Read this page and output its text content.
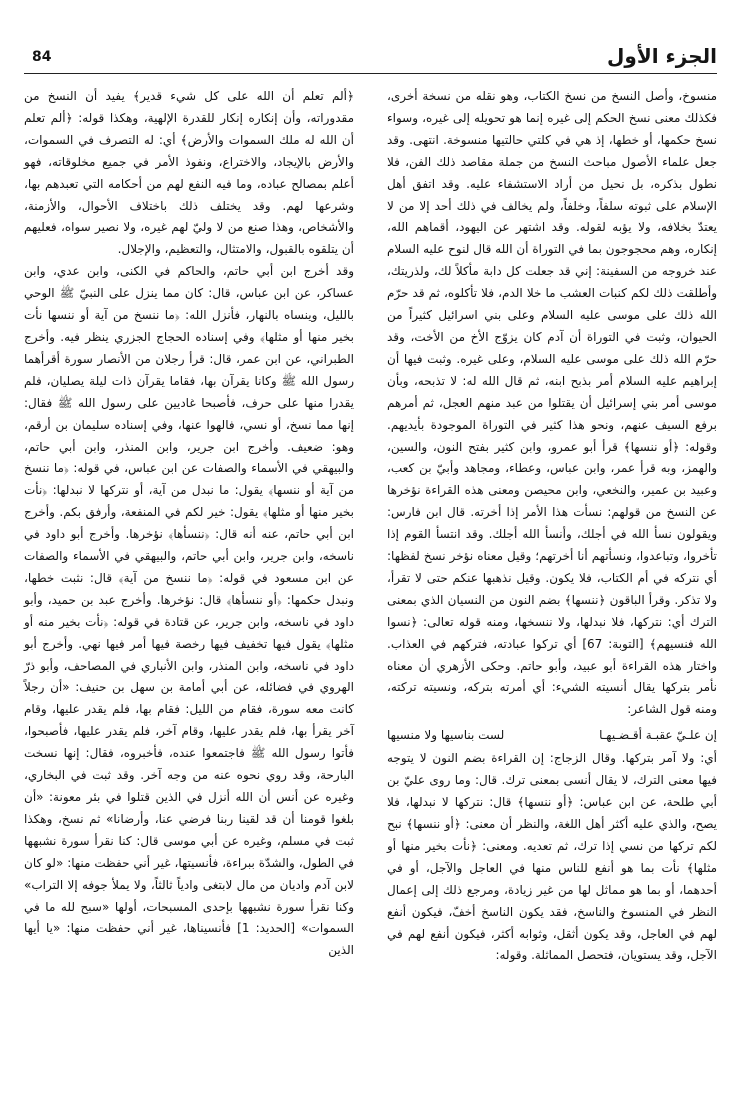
الجزء الأول
84

منسوخ، وأصل النسخ من نسخ الكتاب، وهو نقله من نسخة أخرى، فكذلك معنى نسخ الحكم إلى غيره إنما هو تحويله إلى غيره، وسواء نسخ حكمها، أو خطها، إذ هي في كلتي حالتيها منسوخة. انتهى. وقد جعل علماء الأصول مباحث النسخ من جملة مقاصد ذلك الفن، فلا نطول بذكره، بل نحيل من أراد الاستشفاء عليه. وقد اتفق أهل الإسلام على ثبوته سلفاً، وخلفاً، ولم يخالف في ذلك أحد إلا من لا يعتدّ بخلافه، ولا يؤبه لقوله. وقد اشتهر عن اليهود، أقماهم الله، إنكاره، وهم محجوجون بما في التوراة أن الله قال لنوح عليه السلام عند خروجه من السفينة: إني قد جعلت كل دابة مأكلاً لك، ولذريتك، وأطلقت ذلك لكم كنبات العشب ما خلا الدم، فلا تأكلوه، ثم قد حرّم الله ذلك على موسى عليه السلام وعلى بني اسرائيل كثيراً من الحيوان، وثبت في التوراة أن آدم كان يزوّج الأخ من الأخت، وقد حرّم الله ذلك على موسى عليه السلام، وعلى غيره. وثبت فيها أن إبراهيم عليه السلام أمر بذبح ابنه، ثم قال الله له: لا تذبحه، وبأن موسى أمر بني إسرائيل أن يقتلوا من عبد منهم العجل، ثم أمرهم برفع السيف عنهم، ونحو هذا كثير في التوراة الموجودة بأيديهم. وقوله: ﴿أو ننسها﴾ قرأ أبو عمرو، وابن كثير بفتح النون، والسين، والهمز، وبه قرأ عمر، وابن عباس، وعطاء، ومجاهد وأبيّ بن كعب، وعبيد بن عمير، والنخعي، وابن محيصن ومعنى هذه القراءة نؤخرها عن النسخ من قولهم: نسأت هذا الأمر إذا أخرته. قال ابن فارس: ويقولون نسأ الله في أجلك، وأنسأ الله أجلك. وقد انتسأ القوم إذا تأخروا، وتباعدوا، ونسأتهم أنا أخرتهم؛ وقيل معناه نؤخر نسخ لفظها: أي نتركه في أم الكتاب، فلا يكون. وقيل نذهبها عنكم حتى لا تقرأ، ولا تذكر. وقرأ الباقون ﴿ننسها﴾ بضم النون من النسيان الذي بمعنى الترك أي: نتركها، فلا نبدلها، ولا ننسخها، ومنه قوله تعالى: ﴿نسوا الله فنسيهم﴾ [التوبة: 67] أي تركوا عبادته، فتركهم في العذاب. واختار هذه القراءة أبو عبيد، وأبو حاتم. وحكى الأزهري أن معناه نأمر بتركها يقال أنسيته الشيء: أي أمرته بتركه، ونسيته تركته، ومنه قول الشاعر:

إن علـيّ عقبـة أقـضـيهـا
لست بناسيها ولا منسيها

أي: ولا آمر بتركها. وقال الزجاج: إن القراءة بضم النون لا يتوجه فيها معنى الترك، لا يقال أنسى بمعنى ترك. قال: وما روى عليّ بن أبي طلحة، عن ابن عباس: ﴿أو ننسها﴾ قال: نتركها لا نبدلها، فلا يصح، والذي عليه أكثر أهل اللغة، والنظر أن معنى: ﴿أو ننسها﴾ نبح لكم تركها من نسي إذا ترك، ثم تعديه. ومعنى: ﴿نأت بخير منها أو مثلها﴾ نأت بما هو أنفع للناس منها في العاجل والآجل، أو في أحدهما، أو بما هو مماثل لها من غير زيادة، ومرجع ذلك إلى إعمال النظر في المنسوخ والناسخ، فقد يكون الناسخ أخفّ، فيكون أنفع لهم في العاجل، وقد يكون أثقل، وثوابه أكثر، فيكون أنفع لهم في الآجل، وقد يستويان، فتحصل المماثلة. وقوله:

﴿ألم تعلم أن الله على كل شيء قدير﴾ يفيد أن النسخ من مقدوراته، وأن إنكاره إنكار للقدرة الإلهية، وهكذا قوله: ﴿ألم تعلم أن الله له ملك السموات والأرض﴾ أي: له التصرف في السموات، والأرض بالإيجاد، والاختراع، ونفوذ الأمر في جميع مخلوقاته، فهو أعلم بمصالح عباده، وما فيه النفع لهم من أحكامه التي تعبدهم بها، وشرعها لهم. وقد يختلف ذلك باختلاف الأحوال، والأزمنة، والأشخاص، وهذا صنع من لا وليّ لهم غيره، ولا نصير سواه، فعليهم أن يتلقوه بالقبول، والامتثال، والتعظيم، والإجلال.

وقد أخرج ابن أبي حاتم، والحاكم في الكنى، وابن عدي، وابن عساكر، عن ابن عباس، قال: كان مما ينزل على النبيّ ﷺ الوحي بالليل، وينساه بالنهار، فأنزل الله: ﴿ما ننسخ من آية أو ننسها نأت بخير منها أو مثلها﴾ وفي إسناده الحجاج الجزري ينظر فيه. وأخرج الطبراني، عن ابن عمر، قال: قرأ رجلان من الأنصار سورة أقرأهما رسول الله ﷺ وكانا يقرآن بها، فقاما يقرآن ذات ليلة يصليان، فلم يقدرا منها على حرف، فأصبحا غاديين على رسول الله ﷺ فقال: إنها مما نسخ، أو نسي، فالهوا عنها، وفي إسناده سليمان بن أرقم، وهو: ضعيف. وأخرج ابن جرير، وابن المنذر، وابن أبي حاتم، والبيهقي في الأسماء والصفات عن ابن عباس، في قوله: ﴿ما ننسخ من آية أو ننسها﴾ يقول: ما نبدل من آية، أو نتركها لا نبدلها: ﴿نأت بخير منها أو مثلها﴾ يقول: خير لكم في المنفعة، وأرفق بكم. وأخرج ابن أبي حاتم، عنه أنه قال: ﴿ننسأها﴾ نؤخرها. وأخرج أبو داود في ناسخه، وابن جرير، وابن أبي حاتم، والبيهقي في الأسماء والصفات عن ابن مسعود في قوله: ﴿ما ننسخ من آية﴾ قال: نثبت خطها، ونبدل حكمها: ﴿أو ننسأها﴾ قال: نؤخرها. وأخرج عبد بن حميد، وأبو داود في ناسخه، وابن جرير، عن قتادة في قوله: ﴿نأت بخير منه أو مثلها﴾ يقول فيها تخفيف فيها رخصة فيها أمر فيها نهي. وأخرج أبو داود في ناسخه، وابن المنذر، وابن الأنباري في المصاحف، وأبو ذرّ الهروي في فضائله، عن أبي أمامة بن سهل بن حنيف: «أن رجلاً كانت معه سورة، فقام من الليل: فقام بها، فلم يقدر عليها، وقام آخر يقرأ بها، فلم يقدر عليها، وقام آخر، فلم يقدر عليها، فأصبحوا، فأتوا رسول الله ﷺ فاجتمعوا عنده، فأخبروه، فقال: إنها نسخت البارحة، وقد روي نحوه عنه من وجه آخر. وقد ثبت في البخاري، وغيره عن أنس أن الله أنزل في الذين قتلوا في بئر معونة: «أن بلغوا قومنا أن قد لقينا ربنا فرضي عنا، وأرضانا» ثم نسخ، وهكذا ثبت في مسلم، وغيره عن أبي موسى قال: كنا نقرأ سورة نشبهها في الطول، والشدّة ببراءة، فأنسيتها، غير أني حفظت منها: «لو كان لابن آدم واديان من مال لابتغى وادياً ثالثاً، ولا يملأ جوفه إلا التراب» وكنا نقرأ سورة نشبهها بإحدى المسبحات، أولها «سبح لله ما في السموات» [الحديد: 1] فأنسيناها، غير أني حفظت منها: «يا أيها الذين
